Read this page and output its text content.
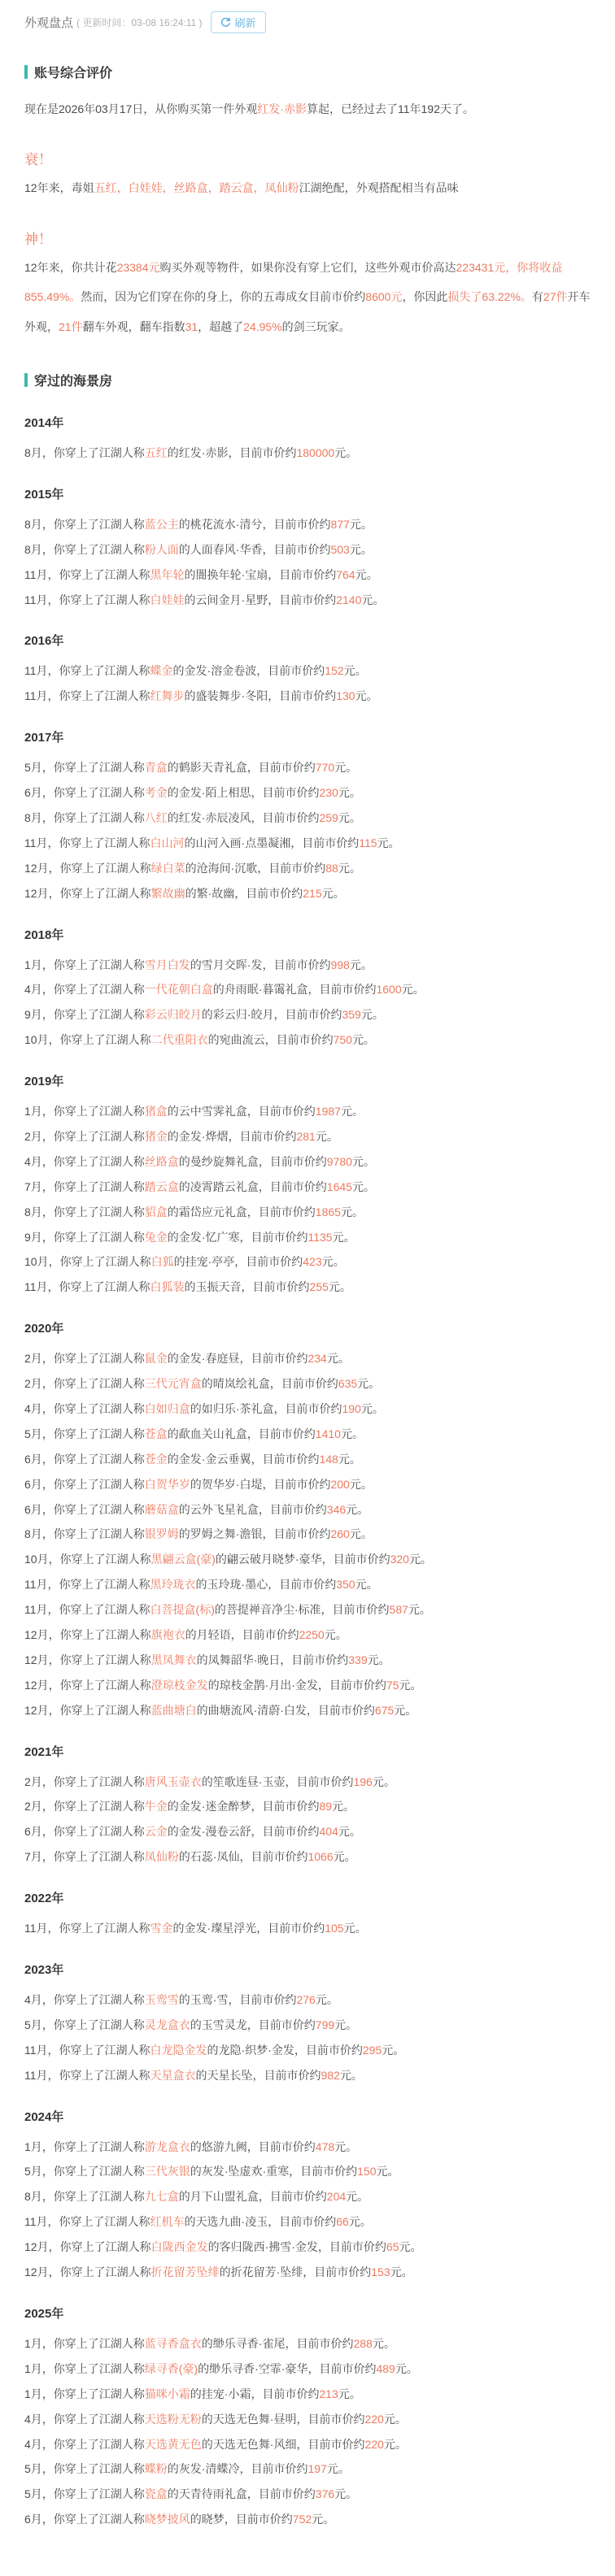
外观盘点 ( 更新时间：03-08 16:24:11 )	刷新
账号综合评价

现在是2026年03月17日，从你购买第一件外观红发·赤影算起，已经过去了11年192天了。

衰！

12年来，毒姐五红，白娃娃，丝路盒，踏云盒，凤仙粉江湖绝配，外观搭配相当有品味

神！

12年来，你共计花23384元购买外观等物件，如果你没有穿上它们，这些外观市价高达223431元，你将收益855.49%。然而，因为它们穿在你的身上，你的五毒成女目前市价约8600元，你因此损失了63.22%。有27件开车外观，21件翻车外观，翻车指数31，超越了24.95%的剑三玩家。

穿过的海景房
2014年

8月，你穿上了江湖人称五红的红发·赤影，目前市价约180000元。

2015年

8月，你穿上了江湖人称蓝公主的桃花流水·清兮，目前市价约877元。

8月，你穿上了江湖人称粉人面的人面春风·华香，目前市价约503元。

11月，你穿上了江湖人称黑年轮的闇换年轮·宝扇，目前市价约764元。

11月，你穿上了江湖人称白娃娃的云间金月·星野，目前市价约2140元。

2016年

11月，你穿上了江湖人称蝶金的金发·溶金卷波，目前市价约152元。

11月，你穿上了江湖人称红舞步的盛装舞步·冬阳，目前市价约130元。

2017年

5月，你穿上了江湖人称青盒的鹤影天青礼盒，目前市价约770元。

6月，你穿上了江湖人称考金的金发·陌上相思，目前市价约230元。

8月，你穿上了江湖人称八红的红发·赤辰凌风，目前市价约259元。

11月，你穿上了江湖人称白山河的山河入画·点墨凝湘，目前市价约115元。

12月，你穿上了江湖人称绿白菜的沧海间·沉歌，目前市价约88元。

12月，你穿上了江湖人称繁故幽的繁·故幽，目前市价约215元。

2018年

1月，你穿上了江湖人称雪月白发的雪月交晖·发，目前市价约998元。

4月，你穿上了江湖人称一代花朝白盒的舟雨眠·暮霭礼盒，目前市价约1600元。

9月，你穿上了江湖人称彩云归皎月的彩云归·皎月，目前市价约359元。

10月，你穿上了江湖人称二代重阳衣的宛曲流云，目前市价约750元。

2019年

1月，你穿上了江湖人称猪盒的云中雪霁礼盒，目前市价约1987元。

2月，你穿上了江湖人称猪金的金发·烨熠，目前市价约281元。

4月，你穿上了江湖人称丝路盒的曼纱旋舞礼盒，目前市价约9780元。

7月，你穿上了江湖人称踏云盒的凌霄踏云礼盒，目前市价约1645元。

8月，你穿上了江湖人称貂盒的霜岱应元礼盒，目前市价约1865元。

9月，你穿上了江湖人称兔金的金发·忆广寒，目前市价约1135元。

10月，你穿上了江湖人称白狐的挂宠·亭亭，目前市价约423元。

11月，你穿上了江湖人称白狐装的玉振天音，目前市价约255元。

2020年

2月，你穿上了江湖人称鼠金的金发·春庭昼，目前市价约234元。

2月，你穿上了江湖人称三代元宵盒的晴岚绘礼盒，目前市价约635元。

4月，你穿上了江湖人称白如归盒的如归乐·茶礼盒，目前市价约190元。

5月，你穿上了江湖人称苍盒的歃血关山礼盒，目前市价约1410元。

6月，你穿上了江湖人称苍金的金发·金云垂翼，目前市价约148元。

6月，你穿上了江湖人称白贺华岁的贺华岁·白堤，目前市价约200元。

6月，你穿上了江湖人称蘑菇盒的云外飞星礼盒，目前市价约346元。

8月，你穿上了江湖人称银罗姆的罗姆之舞·澹银，目前市价约260元。

10月，你穿上了江湖人称黑翩云盒(豪)的翩云破月晓梦·豪华，目前市价约320元。

11月，你穿上了江湖人称黑玲珑衣的玉玲珑·墨心，目前市价约350元。

11月，你穿上了江湖人称白菩提盒(标)的菩提禅音净尘·标准，目前市价约587元。

12月，你穿上了江湖人称旗袍衣的月轻语，目前市价约2250元。

12月，你穿上了江湖人称黑凤舞衣的凤舞韶华·晚日，目前市价约339元。

12月，你穿上了江湖人称澄琼枝金发的琼枝金鹊·月出·金发，目前市价约75元。

12月，你穿上了江湖人称蓝曲塘白的曲塘流风·清蔚·白发，目前市价约675元。

2021年

2月，你穿上了江湖人称唐风玉壶衣的笙歌连昼·玉壶，目前市价约196元。

2月，你穿上了江湖人称牛金的金发·迷金醉梦，目前市价约89元。

6月，你穿上了江湖人称云金的金发·漫卷云舒，目前市价约404元。

7月，你穿上了江湖人称凤仙粉的石蕊·凤仙，目前市价约1066元。

2022年

11月，你穿上了江湖人称雪金的金发·璨星浮光，目前市价约105元。

2023年

4月，你穿上了江湖人称玉鸾雪的玉鸾·雪，目前市价约276元。

5月，你穿上了江湖人称灵龙盒衣的玉雪灵龙，目前市价约799元。

11月，你穿上了江湖人称白龙隐金发的龙隐·织梦·金发，目前市价约295元。

11月，你穿上了江湖人称天星盒衣的天星长坠，目前市价约982元。

2024年

1月，你穿上了江湖人称游龙盒衣的悠游九阙，目前市价约478元。

5月，你穿上了江湖人称三代灰银的灰发·坠虚欢·重寒，目前市价约150元。

8月，你穿上了江湖人称九七盒的月下山盟礼盒，目前市价约204元。

11月，你穿上了江湖人称红机车的天选九曲·凌玉，目前市价约66元。

12月，你穿上了江湖人称白陇西金发的客归陇西·拂雪·金发，目前市价约65元。

12月，你穿上了江湖人称折花留芳坠绯的折花留芳·坠绯，目前市价约153元。

2025年

1月，你穿上了江湖人称蓝寻香盒衣的缈乐寻香·雀尾，目前市价约288元。

1月，你穿上了江湖人称绿寻香(豪)的缈乐寻香·空霏·豪华，目前市价约489元。

1月，你穿上了江湖人称猫咪小霜的挂宠·小霜，目前市价约213元。

4月，你穿上了江湖人称天选粉无粉的天选无色舞·昼明，目前市价约220元。

4月，你穿上了江湖人称天选黄无色的天选无色舞·风细，目前市价约220元。

5月，你穿上了江湖人称蝶粉的灰发·清蝶冷，目前市价约197元。

5月，你穿上了江湖人称瓷盒的天青待雨礼盒，目前市价约376元。

6月，你穿上了江湖人称晓梦披风的晓梦，目前市价约752元。
